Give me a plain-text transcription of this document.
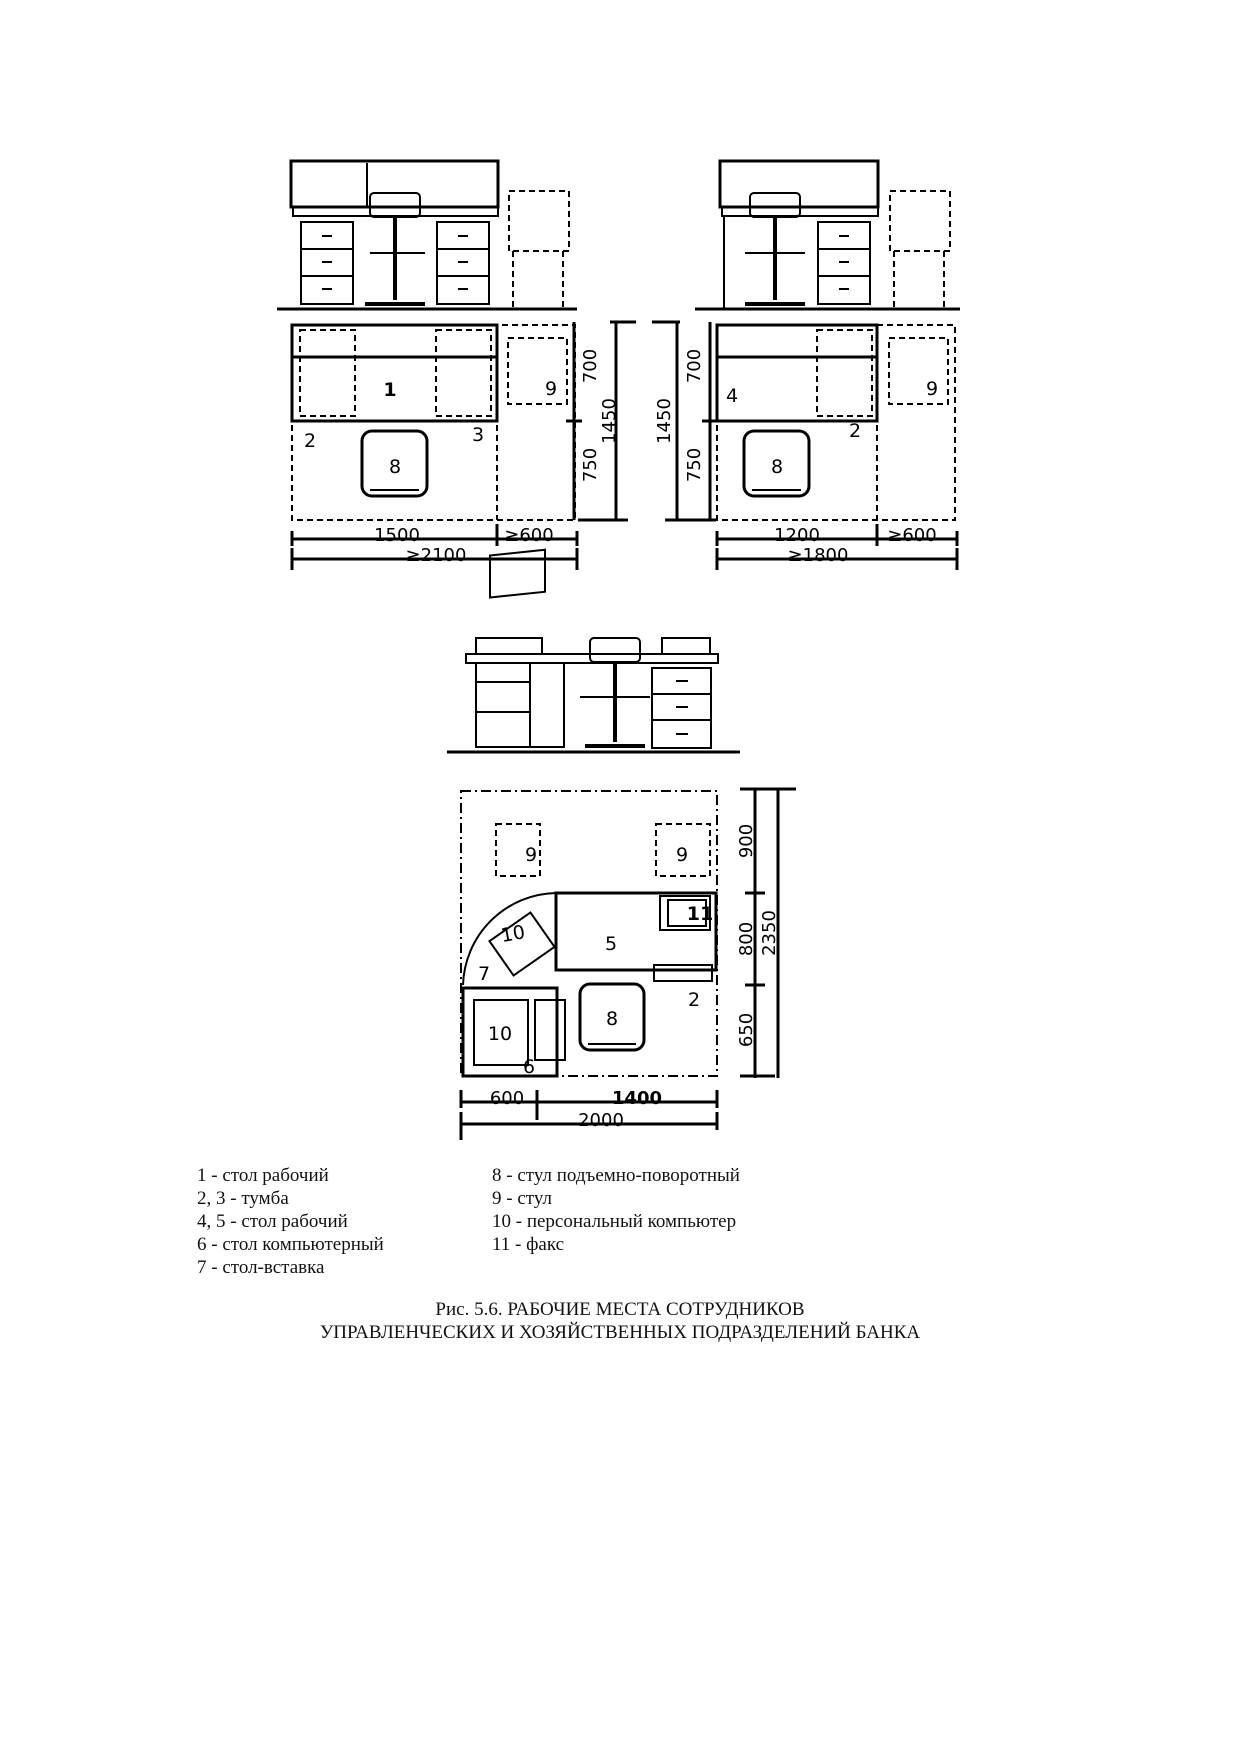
1
2	3
8
9
1500	≥600
≥2100
700
1450
750
4
2
8
9
1200	≥600
≥1800
1450
700
750
9	9
5
11
7
10
10
6
8
2
600	1400
2000
900
800
650
2350
1 - стол рабочий
2, 3 - тумба
4, 5 - стол рабочий
6 - стол компьютерный
7 - стол-вставка
8 - стул подъемно-поворотный
9 - стул
10 - персональный компьютер
11 - факс
Рис. 5.6. РАБОЧИЕ МЕСТА СОТРУДНИКОВ
УПРАВЛЕНЧЕСКИХ И ХОЗЯЙСТВЕННЫХ ПОДРАЗДЕЛЕНИЙ БАНКА
